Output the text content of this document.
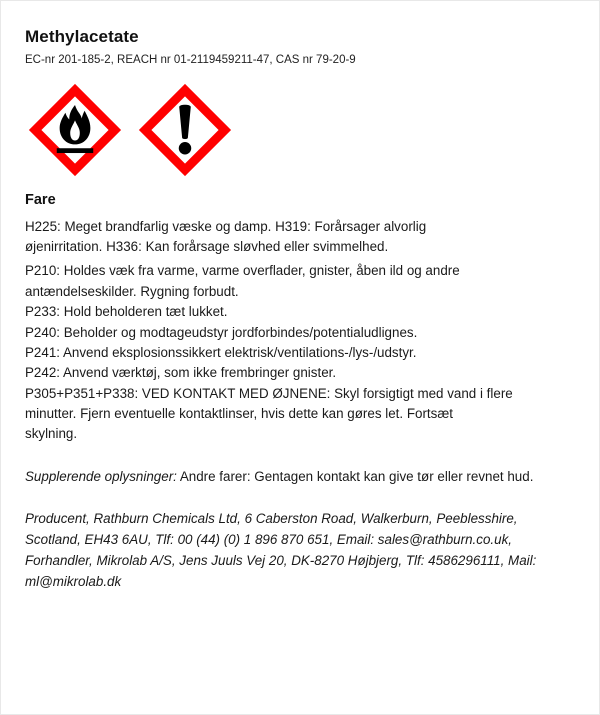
Methylacetate

EC-nr 201-185-2, REACH nr 01-2119459211-47, CAS nr 79-20-9

Fare

H225: Meget brandfarlig væske og damp. H319: Forårsager alvorlig

øjenirritation. H336: Kan forårsage sløvhed eller svimmelhed.

P210: Holdes væk fra varme, varme overflader, gnister, åben ild og andre

antændelseskilder. Rygning forbudt.

P233: Hold beholderen tæt lukket.

P240: Beholder og modtageudstyr jordforbindes/potentialudlignes.

P241: Anvend eksplosionssikkert elektrisk/ventilations-/lys-/udstyr.

P242: Anvend værktøj, som ikke frembringer gnister.

P305+P351+P338: VED KONTAKT MED ØJNENE: Skyl forsigtigt med vand i flere

minutter. Fjern eventuelle kontaktlinser, hvis dette kan gøres let. Fortsæt

skylning.

Supplerende oplysninger: Andre farer: Gentagen kontakt kan give tør eller revnet hud.

Producent, Rathburn Chemicals Ltd, 6 Caberston Road, Walkerburn, Peeblesshire, Scotland, EH43 6AU, Tlf: 00 (44) (0) 1 896 870 651, Email: sales@rathburn.co.uk, Forhandler, Mikrolab A/S, Jens Juuls Vej 20, DK-8270 Højbjerg, Tlf: 4586296111, Mail: ml@mikrolab.dk
